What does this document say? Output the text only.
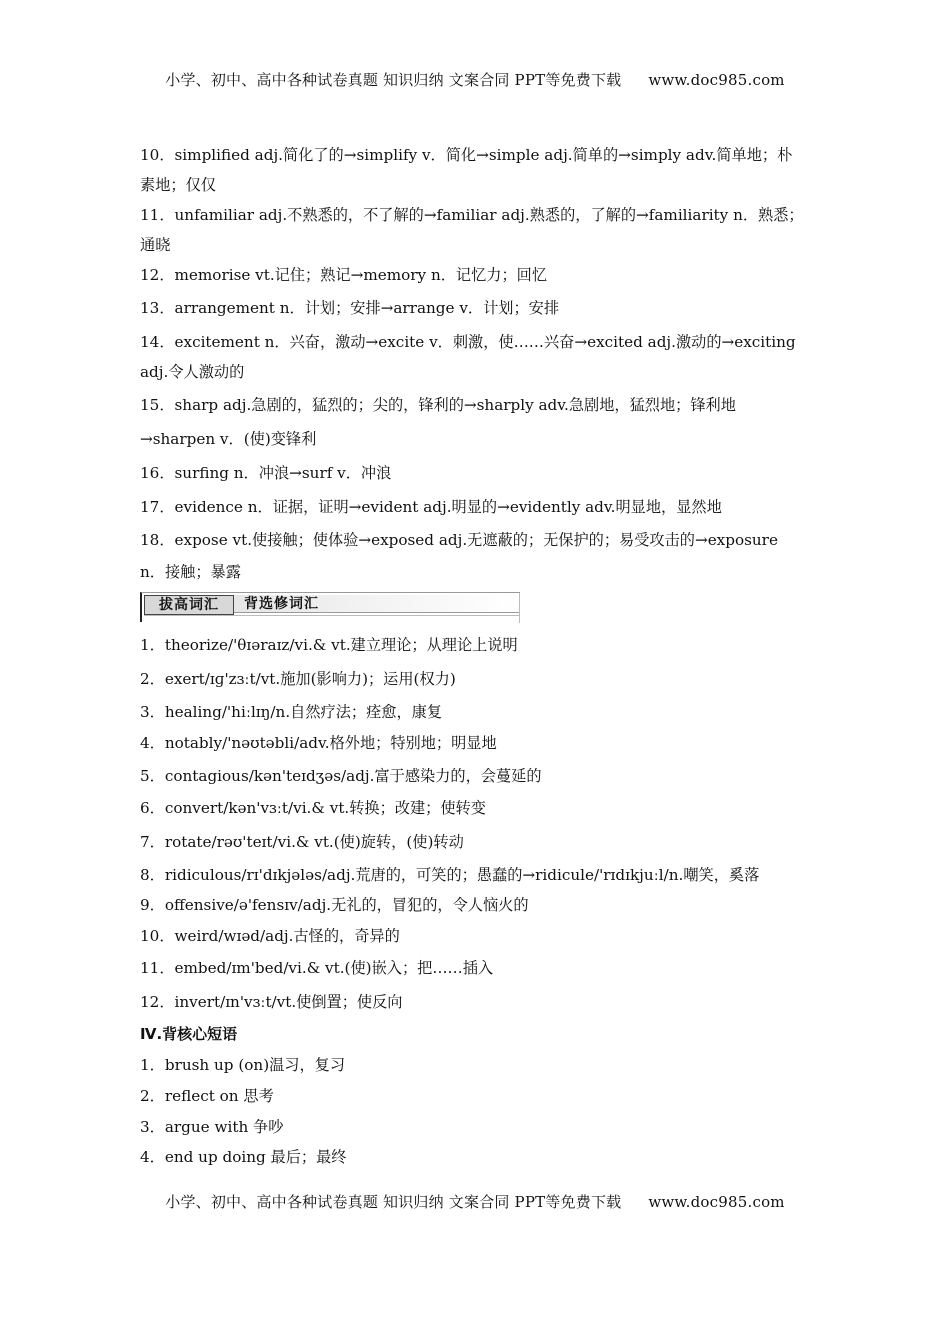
小学、初中、高中各种试卷真题 知识归纳 文案合同 PPT等免费下载 www.doc985.com
10．simplified adj.简化了的→simplify v．简化→simple adj.简单的→simply adv.简单地；朴
素地；仅仅
11．unfamiliar adj.不熟悉的，不了解的→familiar adj.熟悉的，了解的→familiarity n．熟悉；
通晓
12．memorise vt.记住；熟记→memory n．记忆力；回忆
13．arrangement n．计划；安排→arrange v．计划；安排
14．excitement n．兴奋，激动→excite v．刺激，使……兴奋→excited adj.激动的→exciting
adj.令人激动的
15．sharp adj.急剧的，猛烈的；尖的，锋利的→sharply adv.急剧地，猛烈地；锋利地
→sharpen v．(使)变锋利
16．surfing n．冲浪→surf v．冲浪
17．evidence n．证据，证明→evident adj.明显的→evidently adv.明显地，显然地
18．expose vt.使接触；使体验→exposed adj.无遮蔽的；无保护的；易受攻击的→exposure
n．接触；暴露
拔高词汇	背选修词汇
1．theorize/'θɪəraɪz/vi.& vt.建立理论；从理论上说明
2．exert/ɪɡ'zɜːt/vt.施加(影响力)；运用(权力)
3．healing/'hiːlɪŋ/n.自然疗法；痊愈，康复
4．notably/'nəʊtəbli/adv.格外地；特别地；明显地
5．contagious/kən'teɪdʒəs/adj.富于感染力的，会蔓延的
6．convert/kən'vɜːt/vi.& vt.转换；改建；使转变
7．rotate/rəʊ'teɪt/vi.& vt.(使)旋转，(使)转动
8．ridiculous/rɪ'dɪkjələs/adj.荒唐的，可笑的；愚蠢的→ridicule/'rɪdɪkjuːl/n.嘲笑，奚落
9．offensive/ə'fensɪv/adj.无礼的，冒犯的，令人恼火的
10．weird/wɪəd/adj.古怪的，奇异的
11．embed/ɪm'bed/vi.& vt.(使)嵌入；把……插入
12．invert/ɪn'vɜːt/vt.使倒置；使反向
Ⅳ.背核心短语
1．brush up (on)温习，复习
2．reflect on 思考
3．argue with 争吵
4．end up doing 最后；最终
小学、初中、高中各种试卷真题 知识归纳 文案合同 PPT等免费下载 www.doc985.com
